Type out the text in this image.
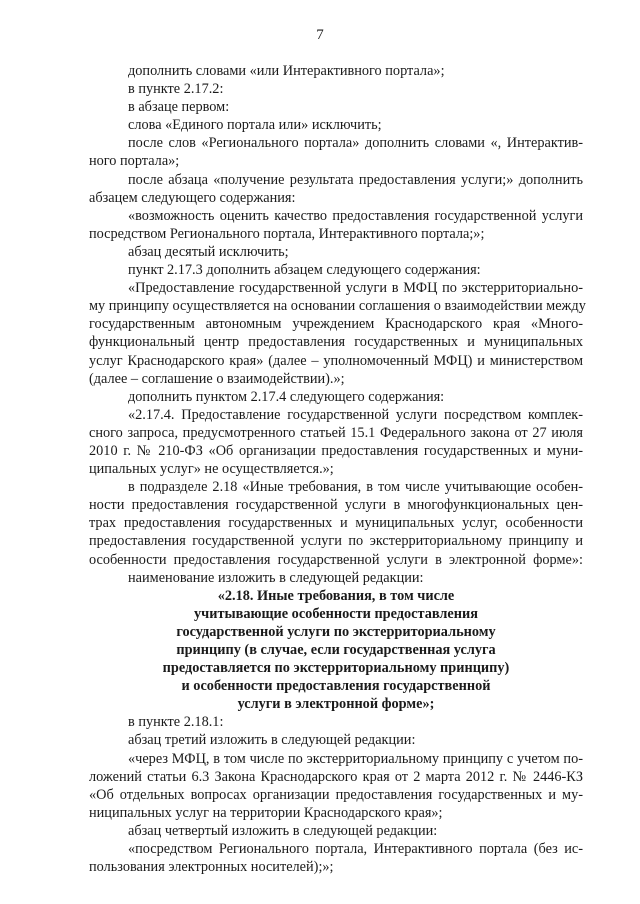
7
дополнить словами «или Интерактивного портала»;
в пункте 2.17.2:
в абзаце первом:
слова «Единого портала или» исключить;
после слов «Регионального портала» дополнить словами «, Интерактив-
ного портала»;
после абзаца «получение результата предоставления услуги;» дополнить
абзацем следующего содержания:
«возможность оценить качество предоставления государственной услуги
посредством Регионального портала, Интерактивного портала;»;
абзац десятый исключить;
пункт 2.17.3 дополнить абзацем следующего содержания:
«Предоставление государственной услуги в МФЦ по экстерриториально-
му принципу осуществляется на основании соглашения о взаимодействии между
государственным автономным учреждением Краснодарского края «Много-
функциональный центр предоставления государственных и муниципальных
услуг Краснодарского края» (далее – уполномоченный МФЦ) и министерством
(далее – соглашение о взаимодействии).»;
дополнить пунктом 2.17.4 следующего содержания:
«2.17.4. Предоставление государственной услуги посредством комплек-
сного запроса, предусмотренного статьей 15.1 Федерального закона от 27 июля
2010 г. № 210-ФЗ «Об организации предоставления государственных и муни-
ципальных услуг» не осуществляется.»;
в подразделе 2.18 «Иные требования, в том числе учитывающие особен-
ности предоставления государственной услуги в многофункциональных цен-
трах предоставления государственных и муниципальных услуг, особенности
предоставления государственной услуги по экстерриториальному принципу и
особенности предоставления государственной услуги в электронной форме»:
наименование изложить в следующей редакции:
«2.18. Иные требования, в том числе
учитывающие особенности предоставления
государственной услуги по экстерриториальному
принципу (в случае, если государственная услуга
предоставляется по экстерриториальному принципу)
и особенности предоставления государственной
услуги в электронной форме»;
в пункте 2.18.1:
абзац третий изложить в следующей редакции:
«через МФЦ, в том числе по экстерриториальному принципу с учетом по-
ложений статьи 6.3 Закона Краснодарского края от 2 марта 2012 г. № 2446-КЗ
«Об отдельных вопросах организации предоставления государственных и му-
ниципальных услуг на территории Краснодарского края»;
абзац четвертый изложить в следующей редакции:
«посредством Регионального портала, Интерактивного портала (без ис-
пользования электронных носителей);»;
